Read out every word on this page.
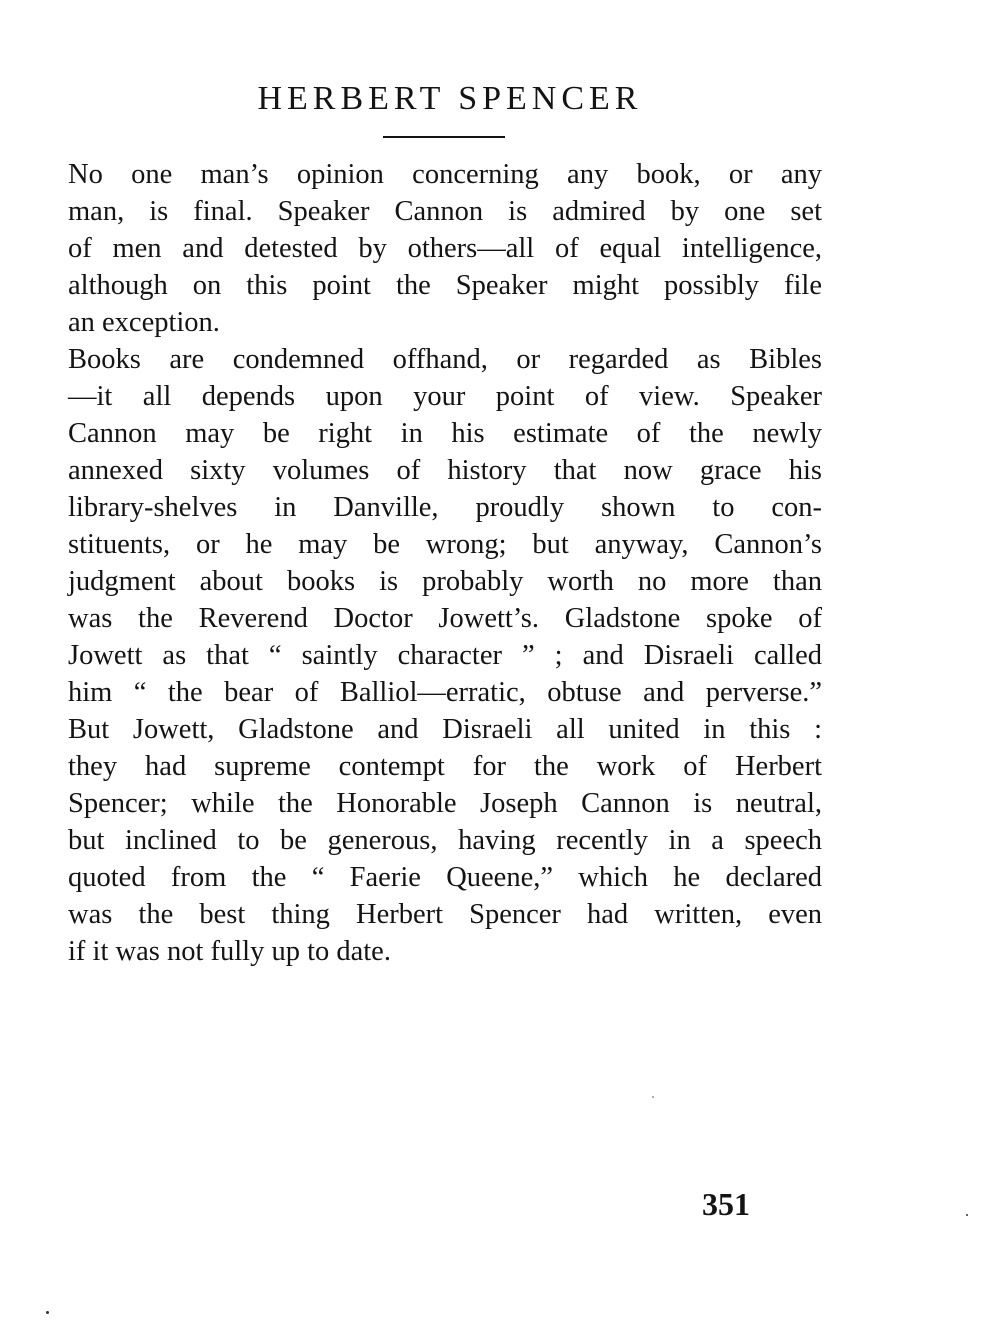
HERBERT SPENCER
No one man’s opinion concerning any book, or any
man, is final. Speaker Cannon is admired by one set
of men and detested by others—all of equal intelligence,
although on this point the Speaker might possibly file
an exception.
Books are condemned offhand, or regarded as Bibles
—it all depends upon your point of view. Speaker
Cannon may be right in his estimate of the newly
annexed sixty volumes of history that now grace his
library-shelves in Danville, proudly shown to con-
stituents, or he may be wrong; but anyway, Cannon’s
judgment about books is probably worth no more than
was the Reverend Doctor Jowett’s. Gladstone spoke of
Jowett as that “ saintly character ” ; and Disraeli called
him “ the bear of Balliol—erratic, obtuse and perverse.”
But Jowett, Gladstone and Disraeli all united in this :
they had supreme contempt for the work of Herbert
Spencer; while the Honorable Joseph Cannon is neutral,
but inclined to be generous, having recently in a speech
quoted from the “ Faerie Queene,” which he declared
was the best thing Herbert Spencer had written, even
if it was not fully up to date.
351
